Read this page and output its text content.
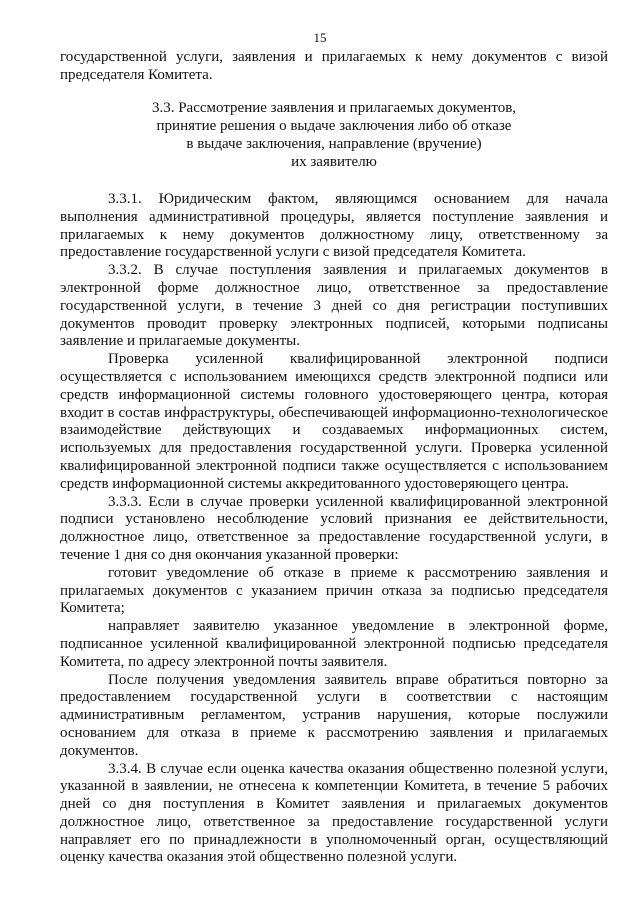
15

государственной услуги, заявления и прилагаемых к нему документов с визой председателя Комитета.

3.3. Рассмотрение заявления и прилагаемых документов,
принятие решения о выдаче заключения либо об отказе
в выдаче заключения, направление (вручение)
их заявителю

3.3.1. Юридическим фактом, являющимся основанием для начала выполнения административной процедуры, является поступление заявления и прилагаемых к нему документов должностному лицу, ответственному за предоставление государственной услуги с визой председателя Комитета.

3.3.2. В случае поступления заявления и прилагаемых документов в электронной форме должностное лицо, ответственное за предоставление государственной услуги, в течение 3 дней со дня регистрации поступивших документов проводит проверку электронных подписей, которыми подписаны заявление и прилагаемые документы.

Проверка усиленной квалифицированной электронной подписи осуществляется с использованием имеющихся средств электронной подписи или средств информационной системы головного удостоверяющего центра, которая входит в состав инфраструктуры, обеспечивающей информационно-технологическое взаимодействие действующих и создаваемых информационных систем, используемых для предоставления государственной услуги. Проверка усиленной квалифицированной электронной подписи также осуществляется с использованием средств информационной системы аккредитованного удостоверяющего центра.

3.3.3. Если в случае проверки усиленной квалифицированной электронной подписи установлено несоблюдение условий признания ее действительности, должностное лицо, ответственное за предоставление государственной услуги, в течение 1 дня со дня окончания указанной проверки:

готовит уведомление об отказе в приеме к рассмотрению заявления и прилагаемых документов с указанием причин отказа за подписью председателя Комитета;

направляет заявителю указанное уведомление в электронной форме, подписанное усиленной квалифицированной электронной подписью председателя Комитета, по адресу электронной почты заявителя.

После получения уведомления заявитель вправе обратиться повторно за предоставлением государственной услуги в соответствии с настоящим административным регламентом, устранив нарушения, которые послужили основанием для отказа в приеме к рассмотрению заявления и прилагаемых документов.

3.3.4. В случае если оценка качества оказания общественно полезной услуги, указанной в заявлении, не отнесена к компетенции Комитета, в течение 5 рабочих дней со дня поступления в Комитет заявления и прилагаемых документов должностное лицо, ответственное за предоставление государственной услуги направляет его по принадлежности в уполномоченный орган, осуществляющий оценку качества оказания этой общественно полезной услуги.
